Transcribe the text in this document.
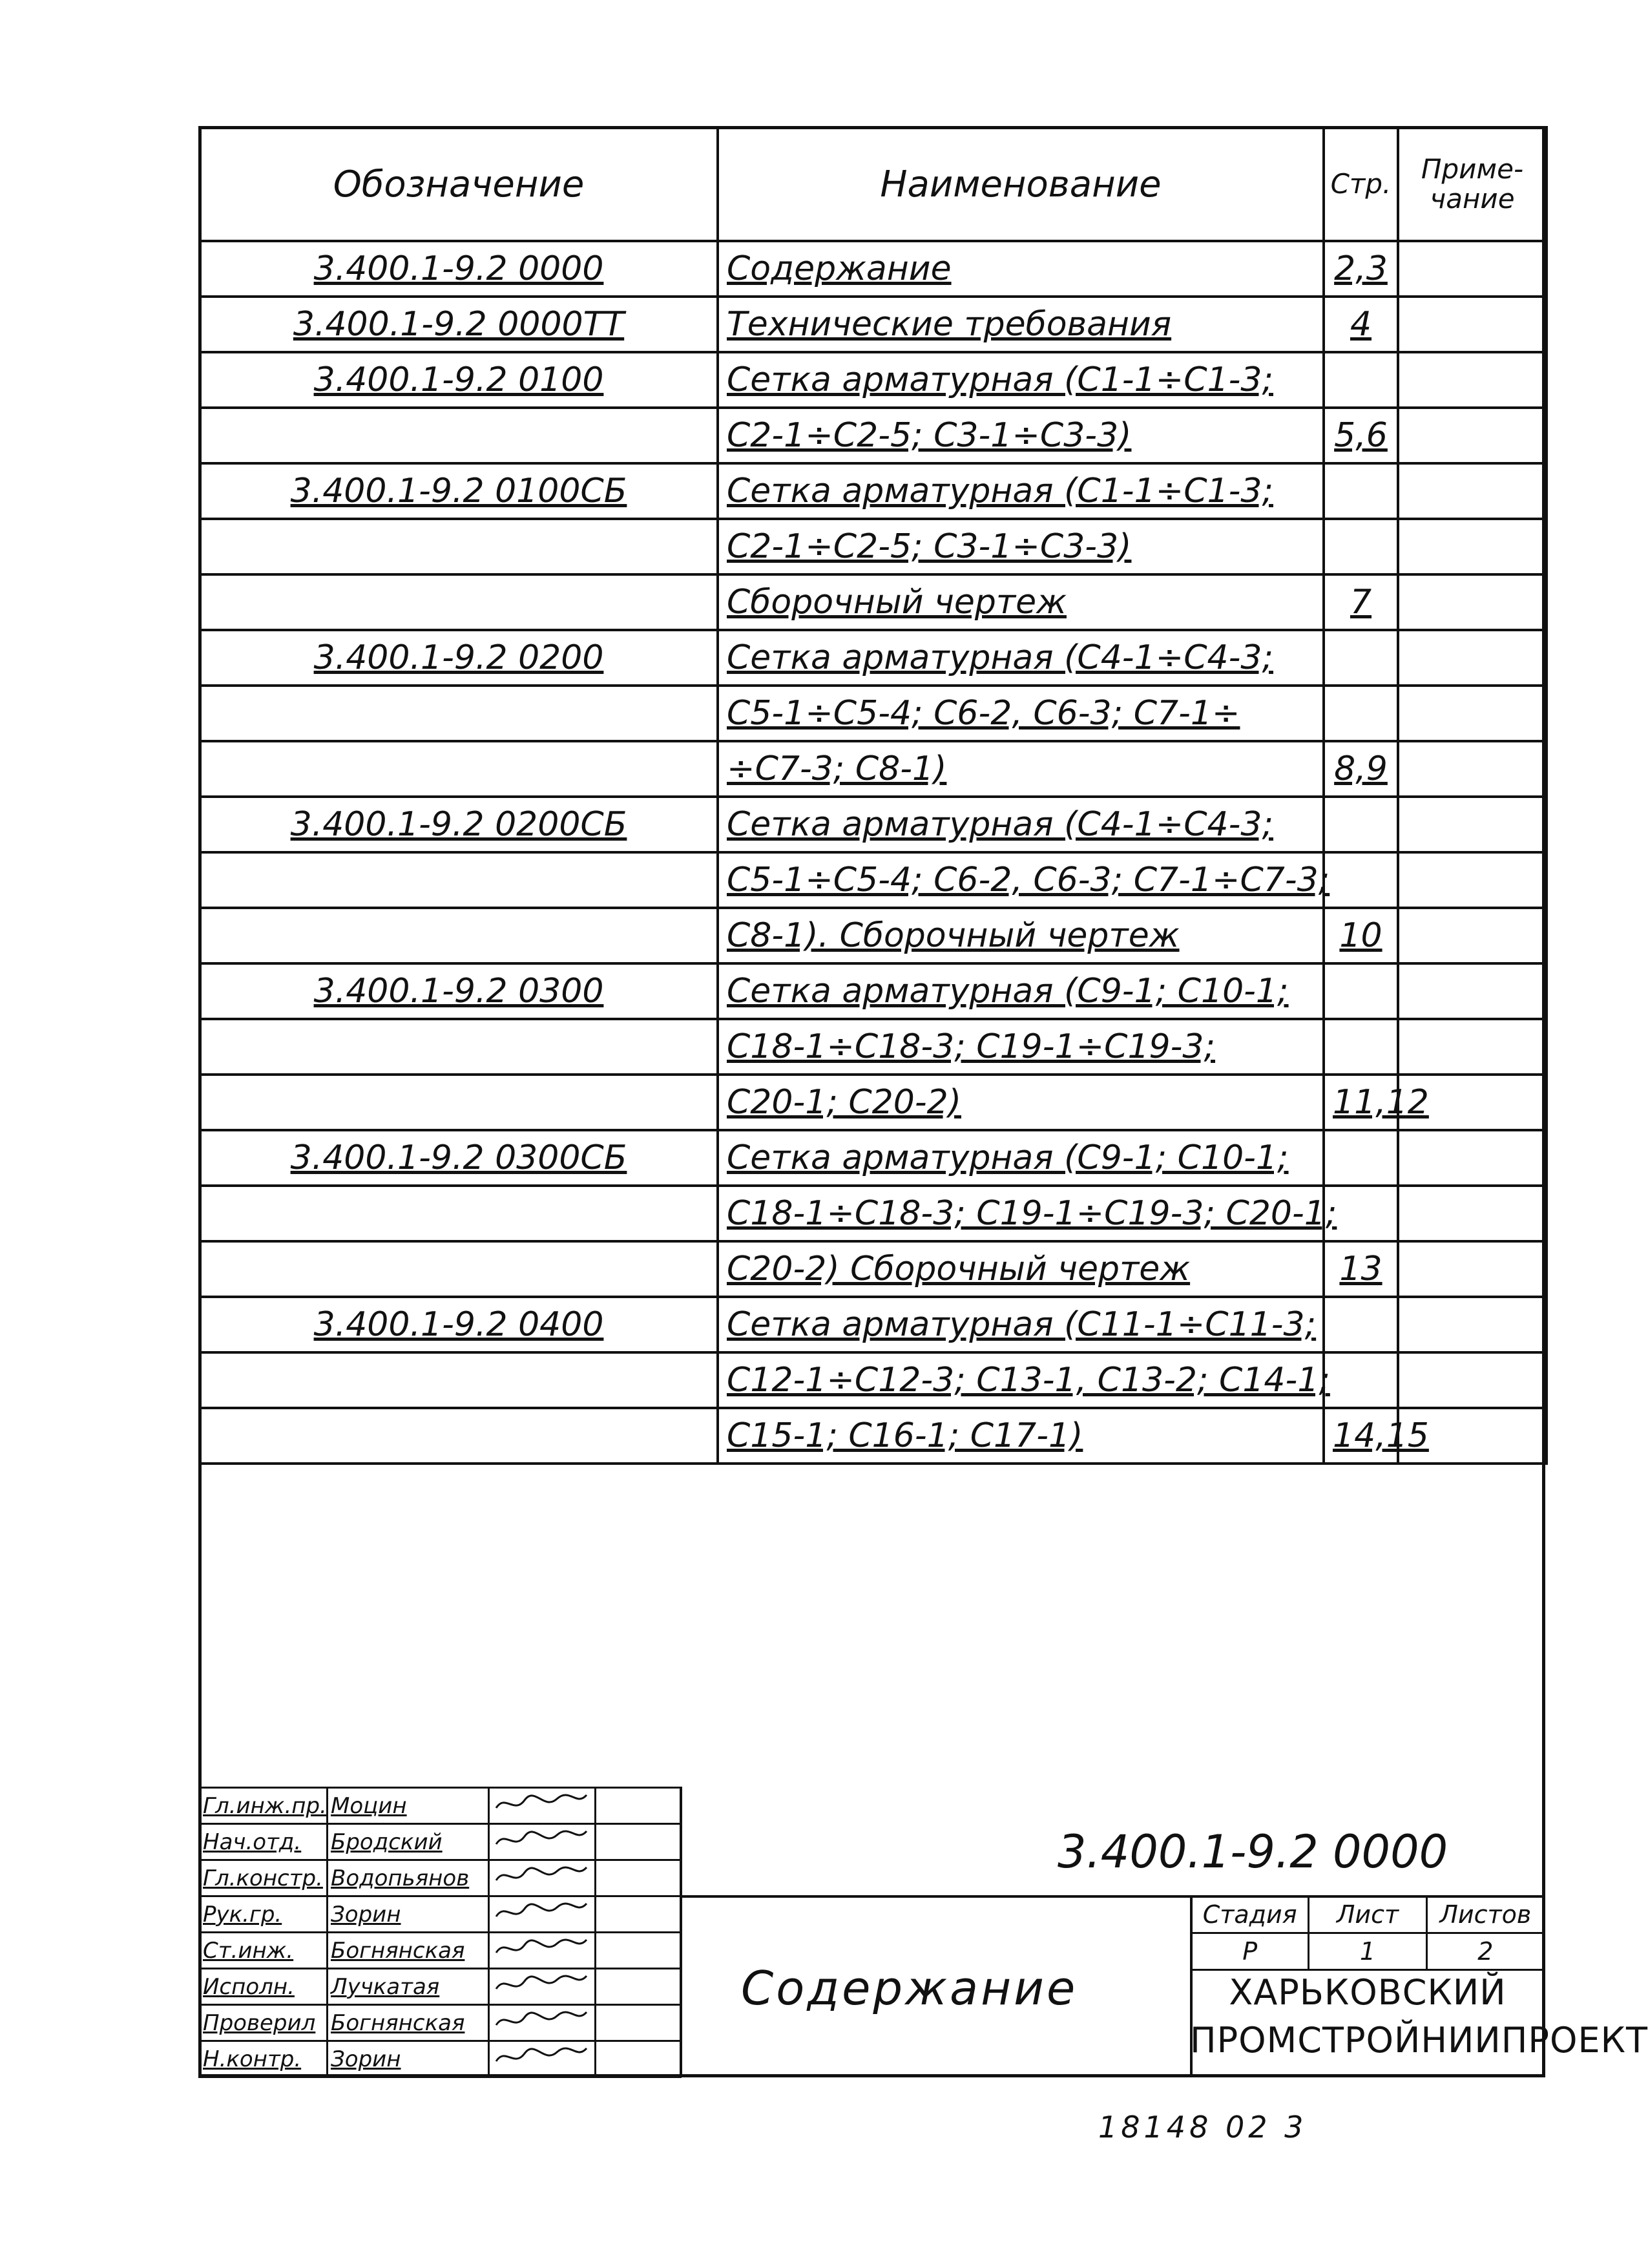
Обозначение	Наименование	Стр.	Приме-чание
3.400.1-9.2 0000	Содержание	2,3	
3.400.1-9.2 0000ТТ	Технические требования	4	
3.400.1-9.2 0100	Сетка арматурная (С1-1÷С1-3;		
	С2-1÷С2-5; С3-1÷С3-3)	5,6	
3.400.1-9.2 0100СБ	Сетка арматурная (С1-1÷С1-3;		
	С2-1÷С2-5; С3-1÷С3-3)		
	Сборочный чертеж	7	
3.400.1-9.2 0200	Сетка арматурная (С4-1÷С4-3;		
	С5-1÷С5-4; С6-2, С6-3; С7-1÷		
	÷С7-3; С8-1)	8,9	
3.400.1-9.2 0200СБ	Сетка арматурная (С4-1÷С4-3;		
	С5-1÷С5-4; С6-2, С6-3; С7-1÷С7-3;		
	С8-1). Сборочный чертеж	10	
3.400.1-9.2 0300	Сетка арматурная (С9-1; С10-1;		
	С18-1÷С18-3; С19-1÷С19-3;		
	С20-1; С20-2)	11,12	
3.400.1-9.2 0300СБ	Сетка арматурная (С9-1; С10-1;		
	С18-1÷С18-3; С19-1÷С19-3; С20-1;		
	С20-2) Сборочный чертеж	13	
3.400.1-9.2 0400	Сетка арматурная (С11-1÷С11-3;		
	С12-1÷С12-3; С13-1, С13-2; С14-1;		
	С15-1; С16-1; С17-1)	14,15	
Гл.инж.пр.	Моцин		
Нач.отд.	Бродский		
Гл.констр.	Водопьянов		
Рук.гр.	Зорин		
Ст.инж.	Богнянская		
Исполн.	Лучкатая		
Проверил	Богнянская		
Н.контр.	Зорин		
3.400.1-9.2 0000
Содержание
Стадия	Лист	Листов
Р	1	2
ХАРЬКОВСКИЙ
ПРОМСТРОЙНИИПРОЕКТ
18148 02 3
